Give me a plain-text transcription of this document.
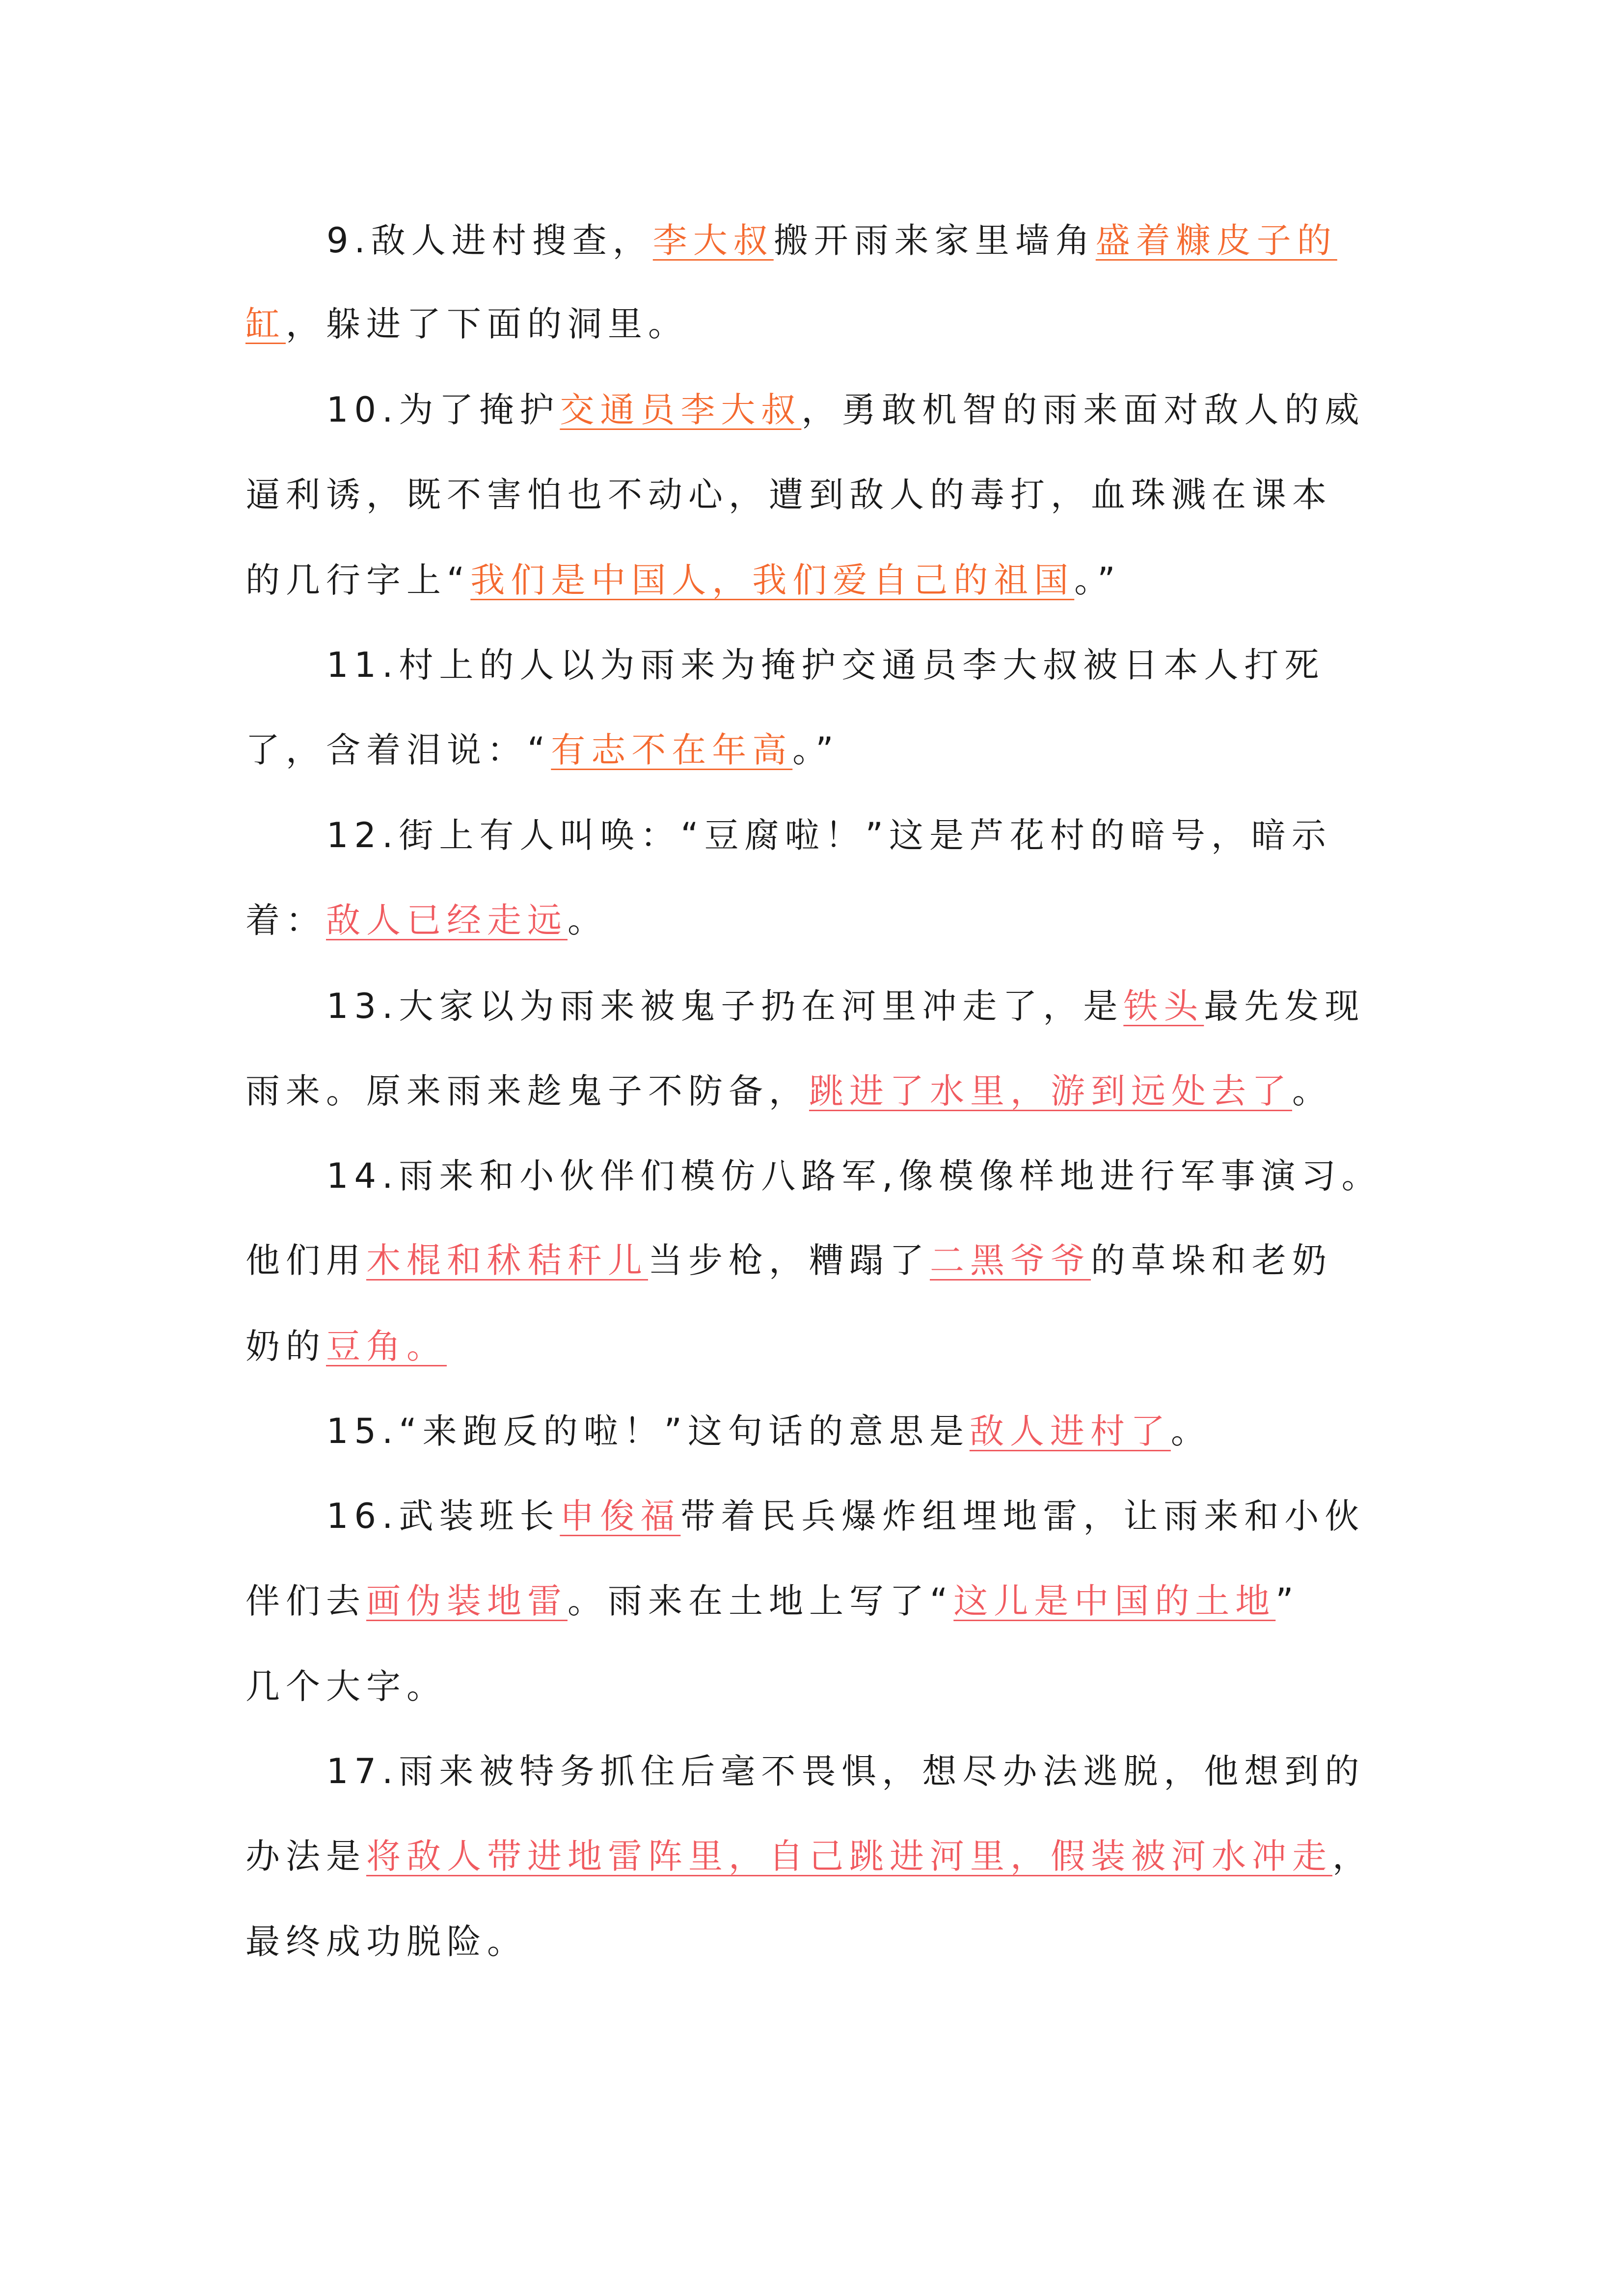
9.敌人进村搜查，李大叔搬开雨来家里墙角盛着糠皮子的
缸，躲进了下面的洞里。
10.为了掩护交通员李大叔，勇敢机智的雨来面对敌人的威
逼利诱，既不害怕也不动心，遭到敌人的毒打，血珠溅在课本
的几行字上“我们是中国人，我们爱自己的祖国。”
11.村上的人以为雨来为掩护交通员李大叔被日本人打死
了，含着泪说：“有志不在年高。”
12.街上有人叫唤：“豆腐啦！”这是芦花村的暗号，暗示
着：敌人已经走远。
13.大家以为雨来被鬼子扔在河里冲走了，是铁头最先发现
雨来。原来雨来趁鬼子不防备，跳进了水里，游到远处去了。
14.雨来和小伙伴们模仿八路军,像模像样地进行军事演习。
他们用木棍和秫秸秆儿当步枪，糟蹋了二黑爷爷的草垛和老奶
奶的豆角。
15.“来跑反的啦！”这句话的意思是敌人进村了。
16.武装班长申俊福带着民兵爆炸组埋地雷，让雨来和小伙
伴们去画伪装地雷。雨来在土地上写了“这儿是中国的土地”
几个大字。
17.雨来被特务抓住后毫不畏惧，想尽办法逃脱，他想到的
办法是将敌人带进地雷阵里，自己跳进河里，假装被河水冲走，
最终成功脱险。
